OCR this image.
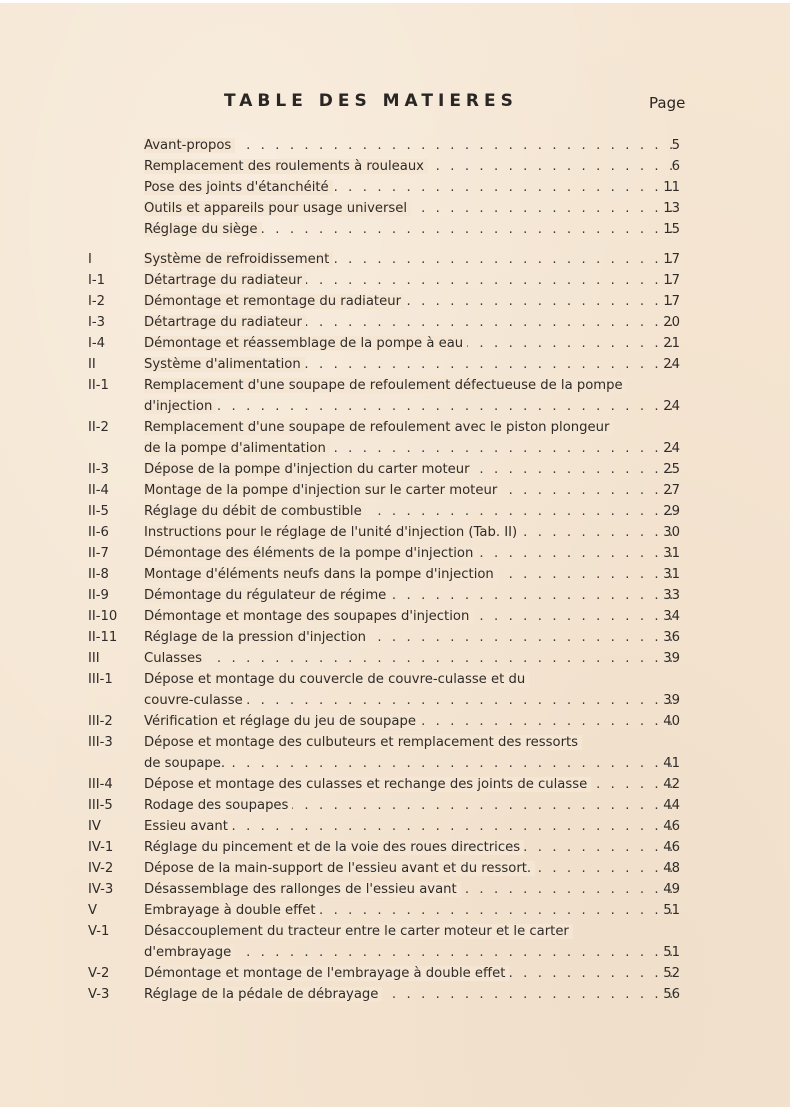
TABLE DES MATIERES	Page
Avant-propos . . .	5
Remplacement des roulements à rouleaux . . .	6
Pose des joints d'étanchéité . . .	11
Outils et appareils pour usage universel . . .	13
Réglage du siège . . .	15
I	Système de refroidissement . . .	17
I-1	Détartrage du radiateur . . .	17
I-2	Démontage et remontage du radiateur . . .	17
I-3	Détartrage du radiateur . . .	20
I-4	Démontage et réassemblage de la pompe à eau . . .	21
II	Système d'alimentation . . .	24
II-1	Remplacement d'une soupape de refoulement défectueuse de la pompe
d'injection . . .	24
II-2	Remplacement d'une soupape de refoulement avec le piston plongeur
de la pompe d'alimentation . . .	24
II-3	Dépose de la pompe d'injection du carter moteur . . .	25
II-4	Montage de la pompe d'injection sur le carter moteur . . .	27
II-5	Réglage du débit de combustible . . .	29
II-6	Instructions pour le réglage de l'unité d'injection (Tab. II) . . .	30
II-7	Démontage des éléments de la pompe d'injection . . .	31
II-8	Montage d'éléments neufs dans la pompe d'injection . . .	31
II-9	Démontage du régulateur de régime . . .	33
II-10 Démontage et montage des soupapes d'injection . . .	34
II-11 Réglage de la pression d'injection . . .	36
III	Culasses . . .	39
III-1 Dépose et montage du couvercle de couvre-culasse et du
couvre-culasse . . .	39
III-2 Vérification et réglage du jeu de soupape . . .	40
III-3 Dépose et montage des culbuteurs et remplacement des ressorts
de soupape. . . .	41
III-4 Dépose et montage des culasses et rechange des joints de culasse . . .	42
III-5 Rodage des soupapes . . .	44
IV	Essieu avant . . .	46
IV-1 Réglage du pincement et de la voie des roues directrices . . .	46
IV-2 Dépose de la main-support de l'essieu avant et du ressort. . . .	48
IV-3 Désassemblage des rallonges de l'essieu avant . . .	49
V	Embrayage à double effet . . .	51
V-1	Désaccouplement du tracteur entre le carter moteur et le carter
d'embrayage . . .	51
V-2	Démontage et montage de l'embrayage à double effet . . .	52
V-3	Réglage de la pédale de débrayage . . .	56
